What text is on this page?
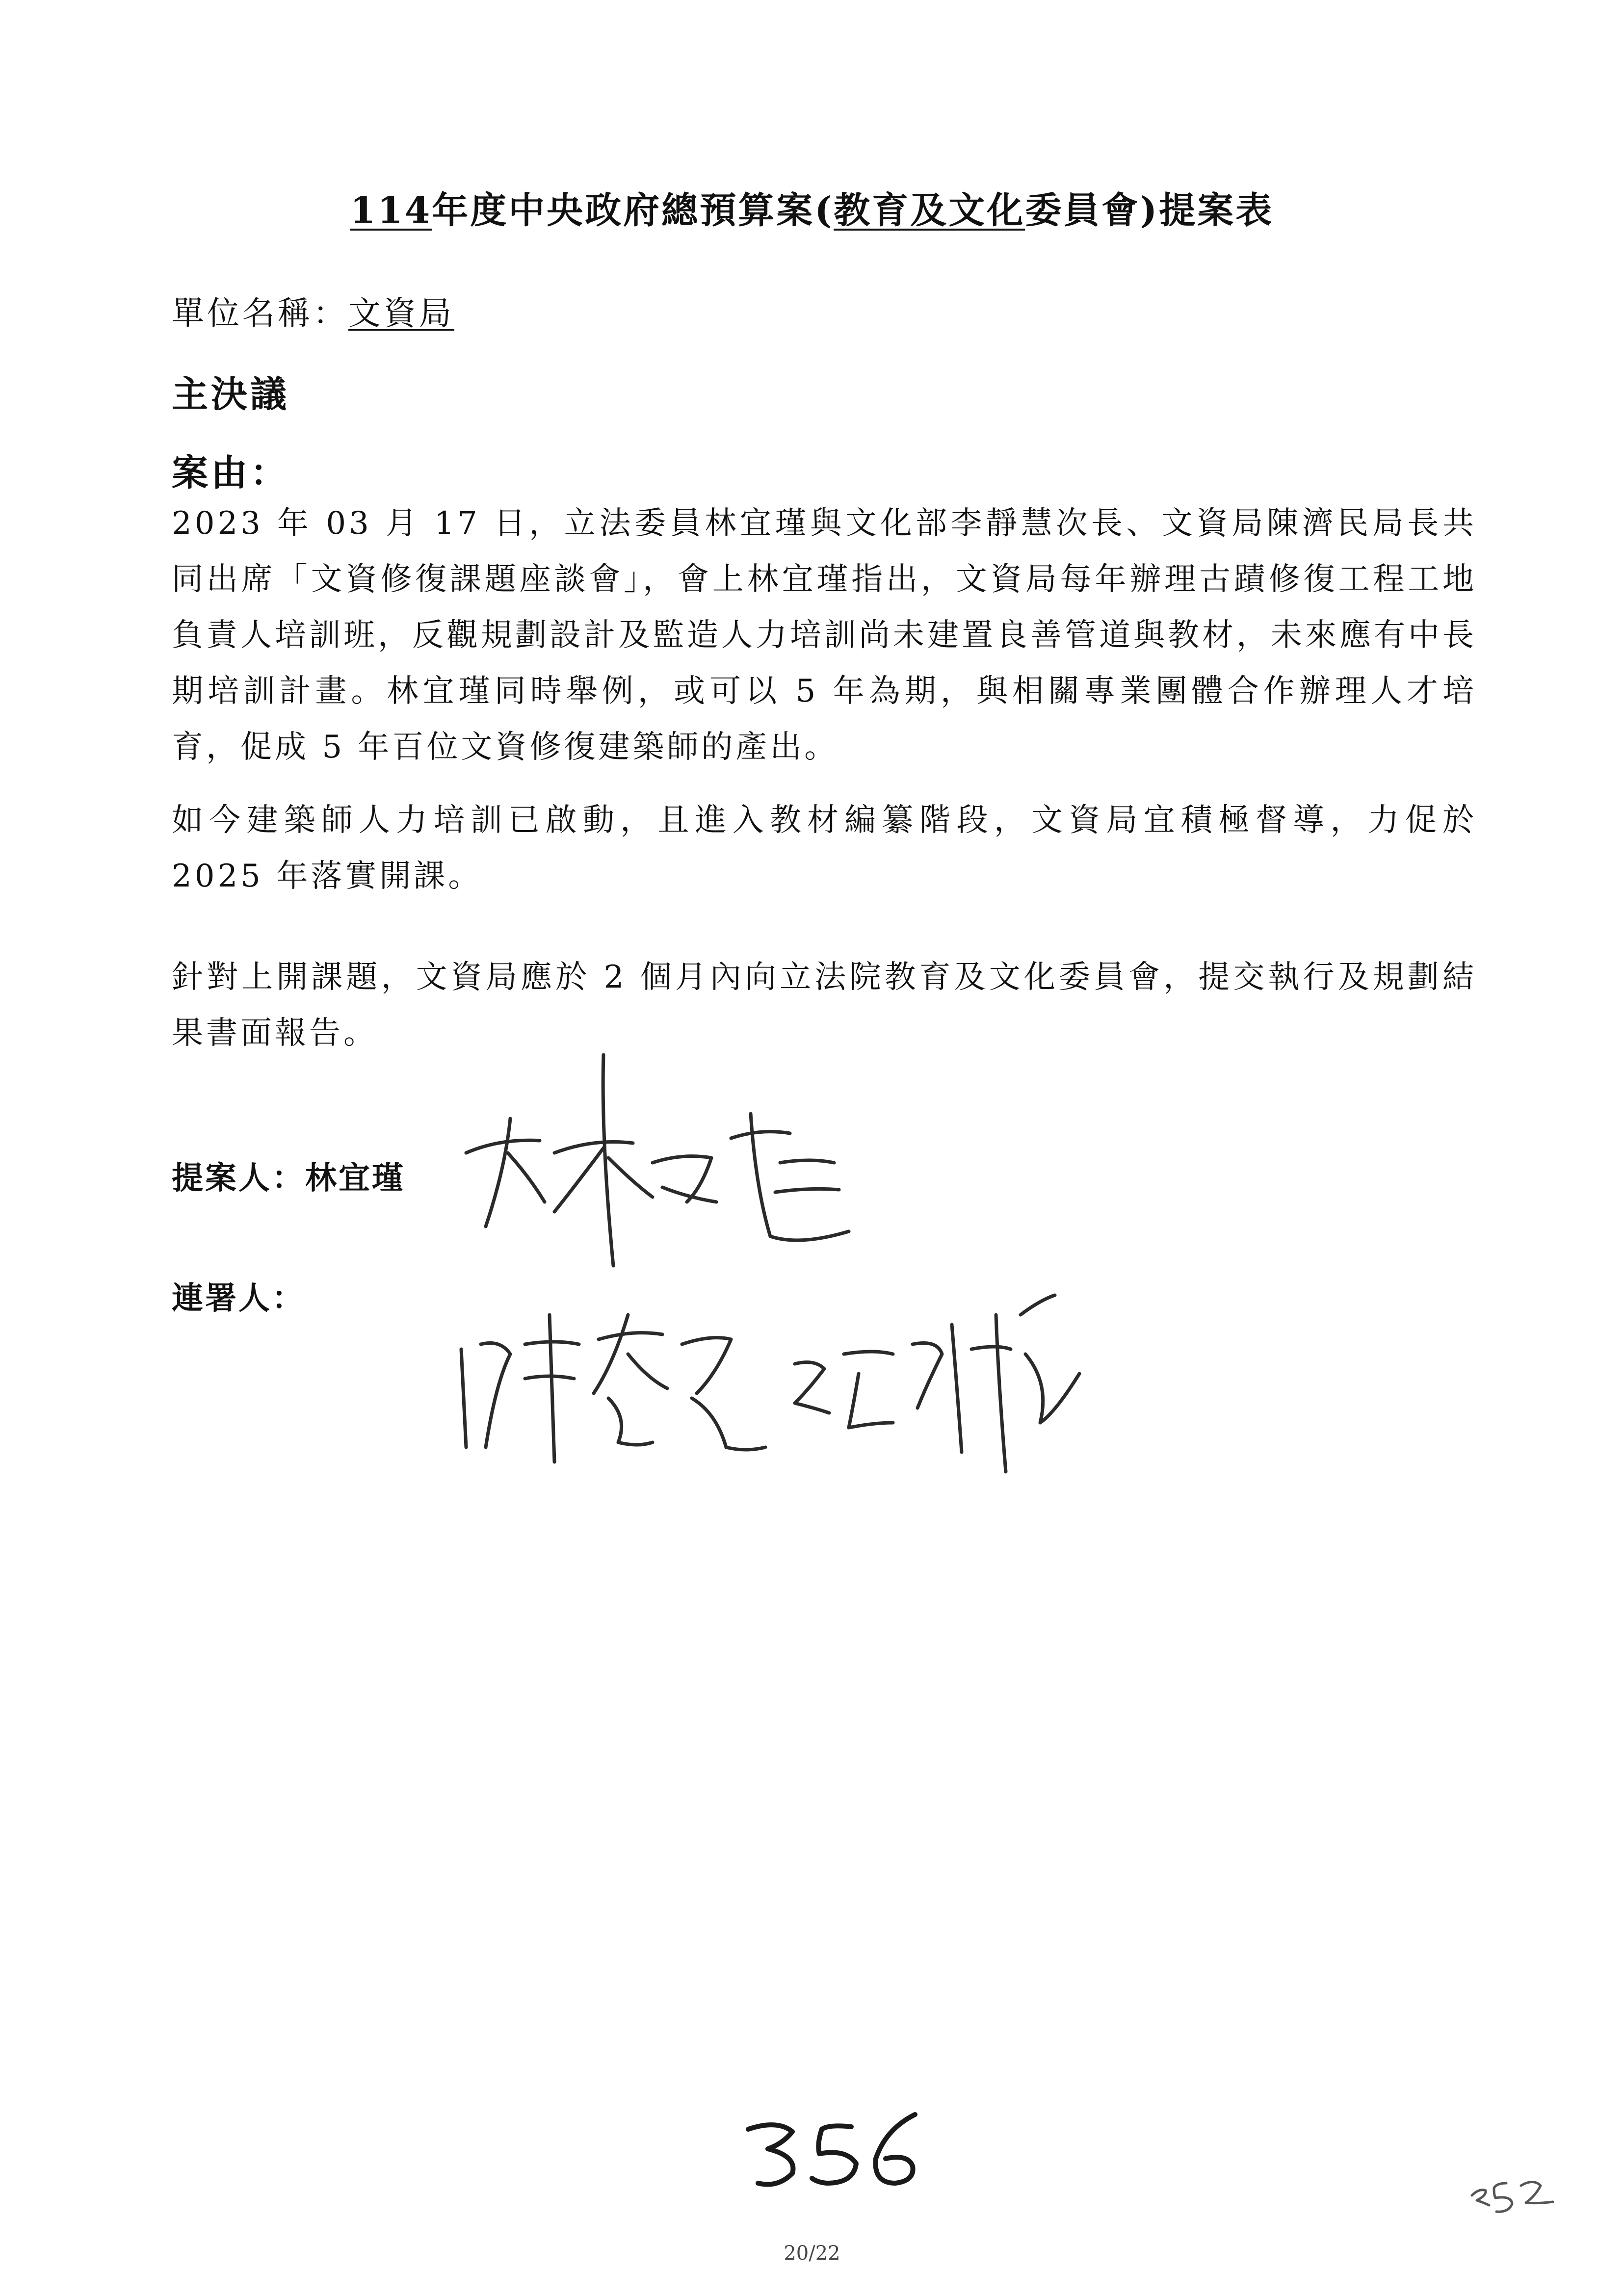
114年度中央政府總預算案(教育及文化委員會)提案表
單位名稱：文資局
主決議
案由：
2023 年 03 月 17 日，立法委員林宜瑾與文化部李靜慧次長、文資局陳濟民局長共同出席「文資修復課題座談會」，會上林宜瑾指出，文資局每年辦理古蹟修復工程工地負責人培訓班，反觀規劃設計及監造人力培訓尚未建置良善管道與教材，未來應有中長期培訓計畫。林宜瑾同時舉例，或可以 5 年為期，與相關專業團體合作辦理人才培育，促成 5 年百位文資修復建築師的產出。
如今建築師人力培訓已啟動，且進入教材編纂階段，文資局宜積極督導，力促於 2025 年落實開課。
針對上開課題，文資局應於 2 個月內向立法院教育及文化委員會，提交執行及規劃結果書面報告。
提案人：林宜瑾
連署人：
20/22
